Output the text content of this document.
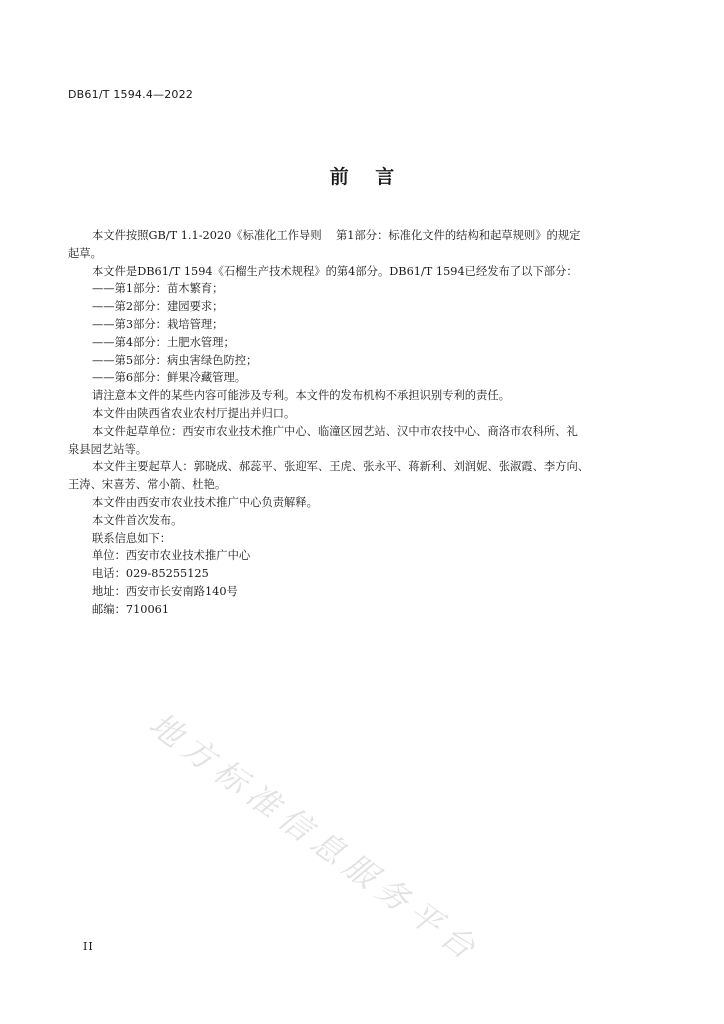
DB61/T 1594.4—2022
前    言

本文件按照GB/T 1.1-2020《标准化工作导则    第1部分：标准化文件的结构和起草规则》的规定

起草。

本文件是DB61/T 1594《石榴生产技术规程》的第4部分。DB61/T 1594已经发布了以下部分：

——第1部分：苗木繁育；

——第2部分：建园要求；

——第3部分：栽培管理；

——第4部分：土肥水管理；

——第5部分：病虫害绿色防控；

——第6部分：鲜果冷藏管理。

请注意本文件的某些内容可能涉及专利。本文件的发布机构不承担识别专利的责任。

本文件由陕西省农业农村厅提出并归口。

本文件起草单位：西安市农业技术推广中心、临潼区园艺站、汉中市农技中心、商洛市农科所、礼

泉县园艺站等。

本文件主要起草人：郭晓成、郝蕊平、张迎军、王虎、张永平、蒋新利、刘润妮、张淑霞、李方向、

王涛、宋喜芳、常小箭、杜艳。

本文件由西安市农业技术推广中心负责解释。

本文件首次发布。

联系信息如下：

单位：西安市农业技术推广中心

电话：029-85255125

地址：西安市长安南路140号

邮编：710061

地方标准信息服务平台
II
